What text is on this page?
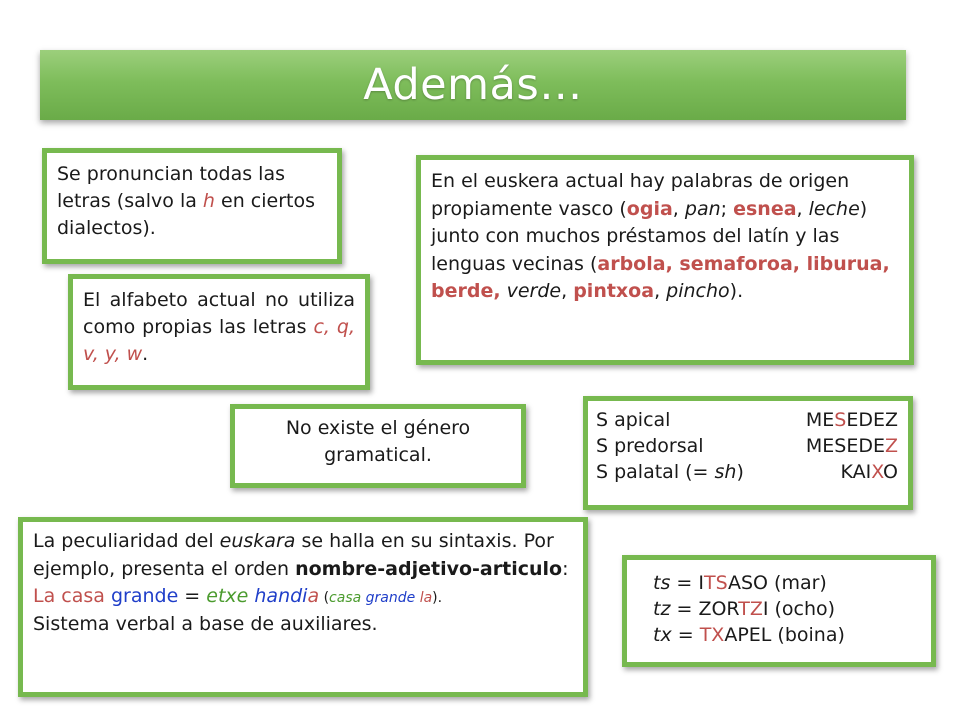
Además…
Se pronuncian todas las letras (salvo la h en ciertos dialectos).
El alfabeto actual no utiliza como propias las letras c, q, v, y, w.
En el euskera actual hay palabras de origen propiamente vasco (ogia, pan; esnea, leche) junto con muchos préstamos del latín y las lenguas vecinas (arbola, semaforoa, liburua, berde, verde, pintxoa, pincho).
No existe el género gramatical.
S apical	MESEDEZ
S predorsal	MESEDEZ
S palatal (= sh)	KAIXO
La peculiaridad del euskara se halla en su sintaxis. Por ejemplo, presenta el orden nombre-adjetivo-articulo:
La casa grande = etxe handia (casa grande la).
Sistema verbal a base de auxiliares.
ts = ITSASO (mar)
tz = ZORTZI (ocho)
tx = TXAPEL (boina)
